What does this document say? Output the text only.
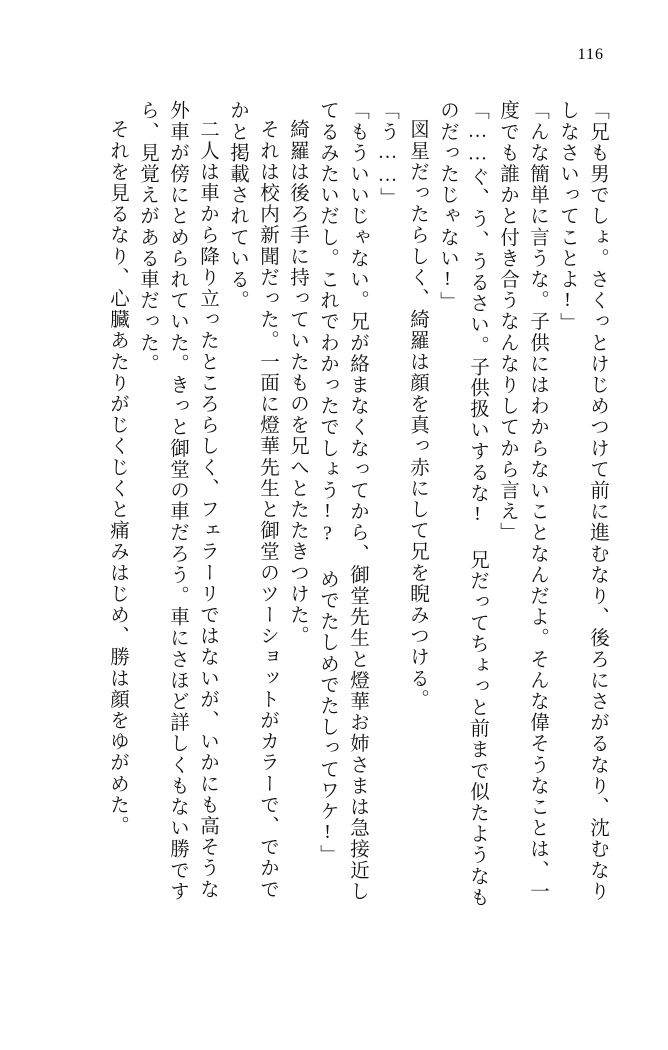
116
「兄も男でしょ。さくっとけじめつけて前に進むなり、後ろにさがるなり、沈むなり
しなさいってことよ!」
「んな簡単に言うな。子供にはわからないことなんだよ。そんな偉そうなことは、一
度でも誰かと付き合うなんなりしてから言え」
「……ぐ、う、うるさい。子供扱いするな! 兄だってちょっと前まで似たようなも
のだったじゃない!」
図星だったらしく、綺羅は顔を真っ赤にして兄を睨みつける。
「う……」
「もういいじゃない。兄が絡まなくなってから、御堂先生と燈華お姉さまは急接近し
てるみたいだし。これでわかったでしょう!? めでたしめでたしってワケ!」
綺羅は後ろ手に持っていたものを兄へとたたきつけた。
それは校内新聞だった。一面に燈華先生と御堂のツーショットがカラーで、でかで
かと掲載されている。
二人は車から降り立ったところらしく、フェラーリではないが、いかにも高そうな
外車が傍にとめられていた。きっと御堂の車だろう。車にさほど詳しくもない勝です
ら、見覚えがある車だった。
それを見るなり、心臓あたりがじくじくと痛みはじめ、勝は顔をゆがめた。
